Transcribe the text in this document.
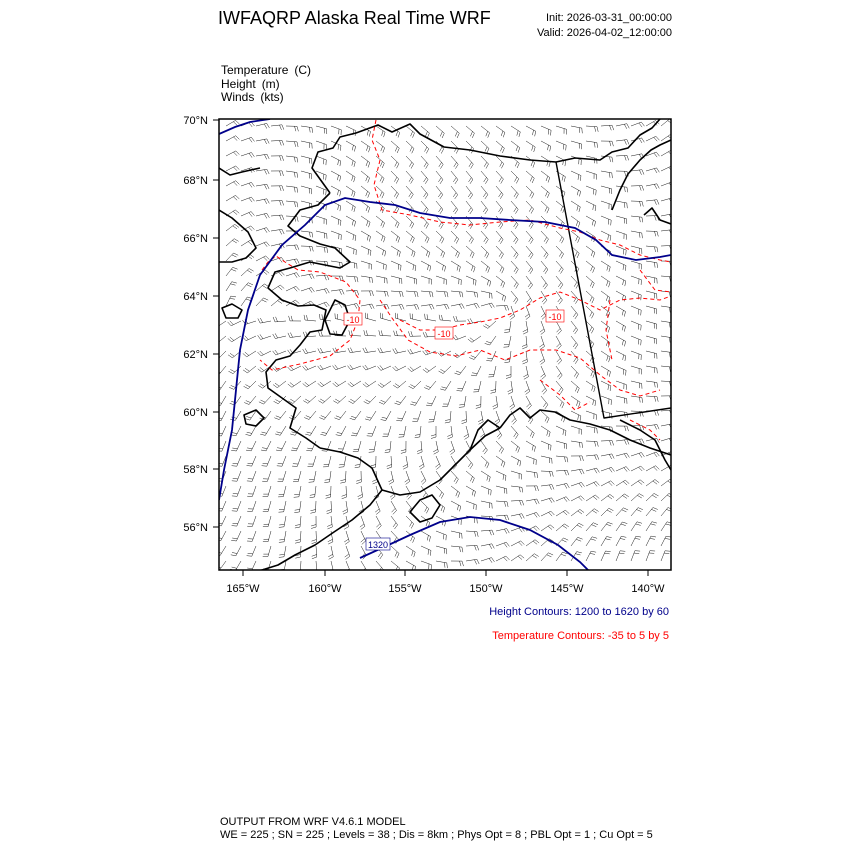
-10
-10
-10
1320
70°N
68°N
66°N
64°N
62°N
60°N
58°N
56°N
165°W	160°W	155°W	150°W	145°W	140°W
IWFAQRP Alaska Real Time WRF	Init: 2026-03-31_00:00:00
Valid: 2026-04-02_12:00:00
Temperature (C)
Height (m)
Winds (kts)
Height Contours: 1200 to 1620 by 60
Temperature Contours: -35 to 5 by 5
OUTPUT FROM WRF V4.6.1 MODEL
WE = 225 ; SN = 225 ; Levels = 38 ; Dis = 8km ; Phys Opt = 8 ; PBL Opt = 1 ; Cu Opt = 5
